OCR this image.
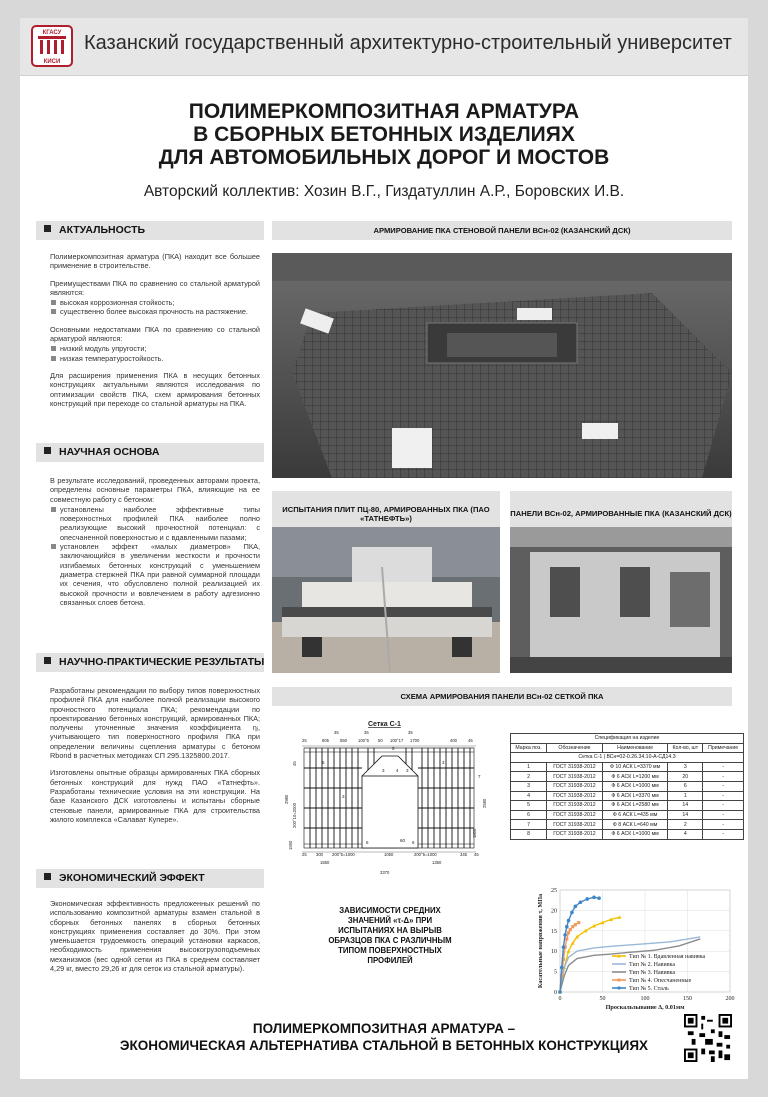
КГАСУ
КИСИ
Казанский государственный архитектурно-строительный университет
ПОЛИМЕРКОМПОЗИТНАЯ АРМАТУРА
В СБОРНЫХ БЕТОННЫХ ИЗДЕЛИЯХ
ДЛЯ АВТОМОБИЛЬНЫХ ДОРОГ И МОСТОВ
Авторский коллектив: Хозин В.Г., Гиздатуллин А.Р., Боровских И.В.
АКТУАЛЬНОСТЬ

Полимеркомпозитная арматура (ПКА) находит все большее применение в строительстве.

Преимуществами ПКА по сравнению со стальной арматурой являются:

высокая коррозионная стойкость;
существенно более высокая прочность на растяжение.

Основными недостатками ПКА по сравнению со стальной арматурой являются:

низкий модуль упругости;
низкая температуростойкость.

Для расширения применения ПКА в несущих бетонных конструкциях актуальными являются исследования по оптимизации свойств ПКА, схем армирования бетонных конструкций при переходе со стальной арматуры на ПКА.

НАУЧНАЯ ОСНОВА

В результате исследований, проведенных авторами проекта, определены основные параметры ПКА, влияющие на ее совместную работу с бетоном:

установлены наиболее эффективные типы поверхностных профилей ПКА наиболее полно реализующие высокий прочностной потенциал: с опесчаненной поверхностью и с вдавленными пазами;
установлен эффект «малых диаметров» ПКА, заключающийся в увеличении жесткости и прочности изгибаемых бетонных конструкций с уменьшением диаметра стержней ПКА при равной суммарной площади их сечения, что обусловлено полной реализацией их высокой прочности и вовлечением в работу адгезионно связанных слоев бетона.
НАУЧНО-ПРАКТИЧЕСКИЕ РЕЗУЛЬТАТЫ

Разработаны рекомендации по выбору типов поверхностных профилей ПКА для наиболее полной реализации высокого прочностного потенциала ПКА; рекомендации по проектированию бетонных конструкций, армированных ПКА; получены уточненные значения коэффициента ηᵢ, учитывающего тип поверхностного профиля ПКА при определении величины сцепления арматуры с бетоном Rbond в расчетных методиках СП 295.1325800.2017.

Изготовлены опытные образцы армированных ПКА сборных бетонных конструкций для нужд ПАО «Татнефть». Разработаны технические условия на эти конструкции. На базе Казанского ДСК изготовлены и испытаны сборные стеновые панели, армированные ПКА для строительства жилого комплекса «Салават Купере».

ЭКОНОМИЧЕСКИЙ ЭФФЕКТ

Экономическая эффективность предложенных решений по использованию композитной арматуры взамен стальной в сборных бетонных панелях в сборных бетонных конструкциях применения составляет до 30%. При этом уменьшается трудоемкость операций установки каркасов, необходимость применения высокогрузоподъемных механизмов (вес одной сетки из ПКА в среднем составляет 4,29 кг, вместо 29,26 кг для сеток из стальной арматуры).

АРМИРОВАНИЕ ПКА СТЕНОВОЙ ПАНЕЛИ ВСн-02 (КАЗАНСКИЙ ДСК)
ИСПЫТАНИЯ ПЛИТ ПЦ-80, АРМИРОВАННЫХ ПКА (ПАО «ТАТНЕФТЬ»)	ПАНЕЛИ ВСн-02, АРМИРОВАННЫЕ ПКА (КАЗАНСКИЙ ДСК)
СХЕМА АРМИРОВАНИЯ ПАНЕЛИ ВСн-02 СЕТКОЙ ПКА
Сетка С-1
35	35	35
25	805	550	100°6 50 100°17 1700	400	45
25 300 200°5=1000	1050	200°5=1000	345 45
1550	1350
3370
200°10=2000
2980
45
1550
2580
1800
5
5
3	4 3
3
6
3
6
7
60
Спецификация на изделие				
Марка поз.	Обозначение	Наименование	Кол-во, шт	Примечание
Сетка С-1 | ВСн=02-0.26.34.10-А-СД14.3				
1	ГОСТ 31938-2012	Ф 10 АСК L=3370 мм	3	-
2	ГОСТ 31938-2012	Ф 6 АСК L=1200 мм	20	-
3	ГОСТ 31938-2012	Ф 6 АСК L=1000 мм	6	-
4	ГОСТ 31938-2012	Ф 6 АСК L=3370 мм	1	-
5	ГОСТ 31938-2012	Ф 6 АСК L=2580 мм	14	-
6	ГОСТ 31938-2012	Ф 6 АСК L=435 мм	14	-
7	ГОСТ 31938-2012	Ф 8 АСК L=640 мм	2	-
8	ГОСТ 31938-2012	Ф 6 АСК L=1000 мм	4	-
ЗАВИСИМОСТИ СРЕДНИХ ЗНАЧЕНИЙ «τ-Δ» ПРИ ИСПЫТАНИЯХ НА ВЫРЫВ ОБРАЗЦОВ ПКА С РАЗЛИЧНЫМ ТИПОМ ПОВЕРХНОСТНЫХ ПРОФИЛЕЙ
0
5
10
15
20
25
0	50	100	150	200
Проскальзывание Δ, 0.01мм
Касательные напряжения τ, МПа	Тип № 1. Вдавленная навивка
Тип № 2. Навивка
Тип № 3. Навивка
Тип № 4. Опесчаненные
Тип № 5. Сталь
ПОЛИМЕРКОМПОЗИТНАЯ АРМАТУРА –
ЭКОНОМИЧЕСКАЯ АЛЬТЕРНАТИВА СТАЛЬНОЙ В БЕТОННЫХ КОНСТРУКЦИЯХ
